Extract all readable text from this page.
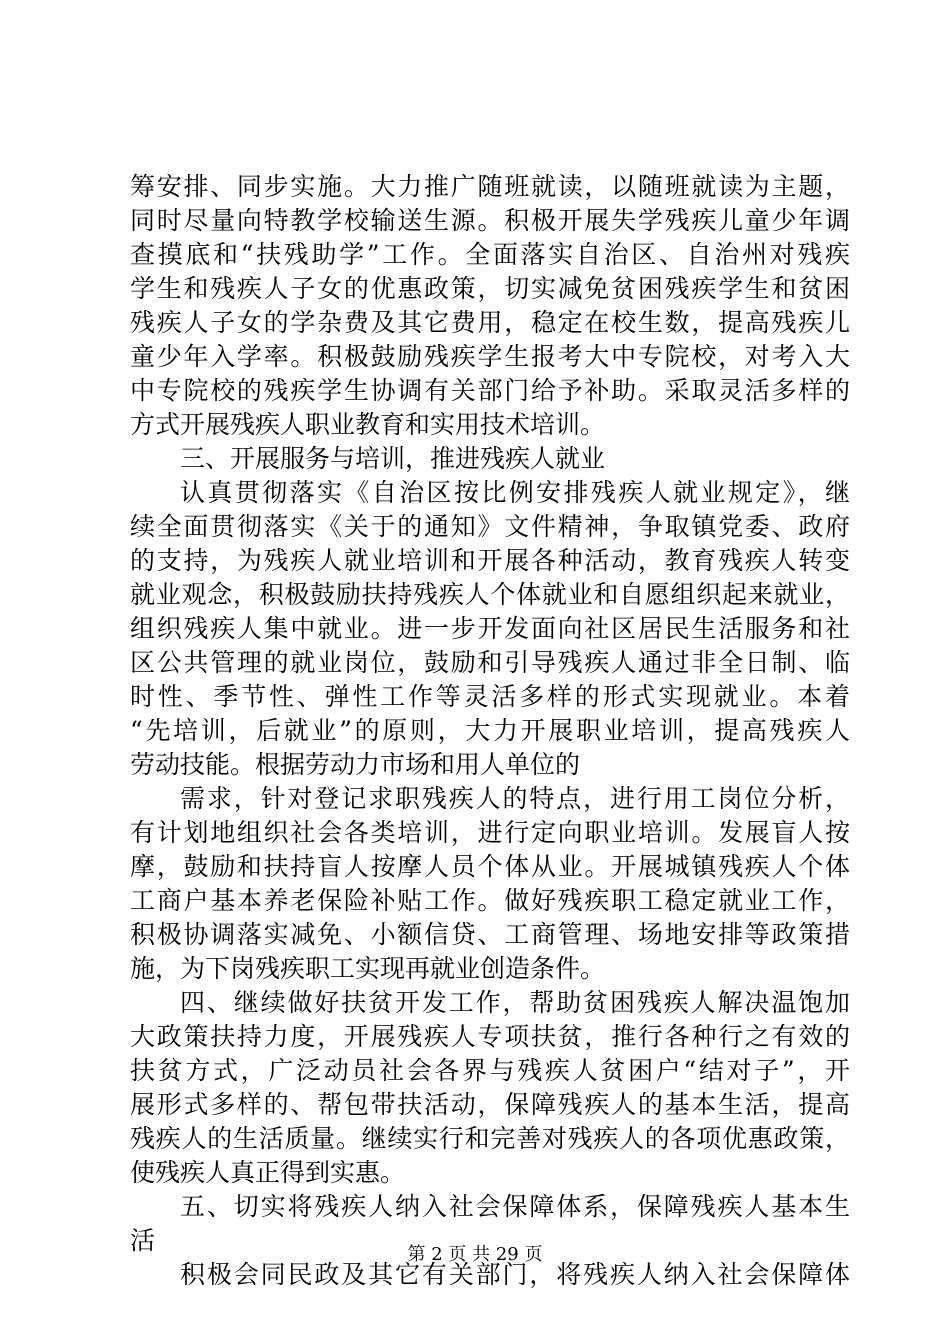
筹安排、同步实施。大力推广随班就读，以随班就读为主题，
同时尽量向特教学校输送生源。积极开展失学残疾儿童少年调
查摸底和“扶残助学”工作。全面落实自治区、自治州对残疾
学生和残疾人子女的优惠政策，切实减免贫困残疾学生和贫困
残疾人子女的学杂费及其它费用，稳定在校生数，提高残疾儿
童少年入学率。积极鼓励残疾学生报考大中专院校，对考入大
中专院校的残疾学生协调有关部门给予补助。采取灵活多样的
方式开展残疾人职业教育和实用技术培训。
三、开展服务与培训，推进残疾人就业
认真贯彻落实《自治区按比例安排残疾人就业规定》，继
续全面贯彻落实《关于的通知》文件精神，争取镇党委、政府
的支持，为残疾人就业培训和开展各种活动，教育残疾人转变
就业观念，积极鼓励扶持残疾人个体就业和自愿组织起来就业，
组织残疾人集中就业。进一步开发面向社区居民生活服务和社
区公共管理的就业岗位，鼓励和引导残疾人通过非全日制、临
时性、季节性、弹性工作等灵活多样的形式实现就业。本着
“先培训，后就业”的原则，大力开展职业培训，提高残疾人
劳动技能。根据劳动力市场和用人单位的
需求，针对登记求职残疾人的特点，进行用工岗位分析，
有计划地组织社会各类培训，进行定向职业培训。发展盲人按
摩，鼓励和扶持盲人按摩人员个体从业。开展城镇残疾人个体
工商户基本养老保险补贴工作。做好残疾职工稳定就业工作，
积极协调落实减免、小额信贷、工商管理、场地安排等政策措
施，为下岗残疾职工实现再就业创造条件。
四、继续做好扶贫开发工作，帮助贫困残疾人解决温饱加
大政策扶持力度，开展残疾人专项扶贫，推行各种行之有效的
扶贫方式，广泛动员社会各界与残疾人贫困户“结对子”，开
展形式多样的、帮包带扶活动，保障残疾人的基本生活，提高
残疾人的生活质量。继续实行和完善对残疾人的各项优惠政策，
使残疾人真正得到实惠。
五、切实将残疾人纳入社会保障体系，保障残疾人基本生
活
积极会同民政及其它有关部门，将残疾人纳入社会保障体
第 2 页 共 29 页
